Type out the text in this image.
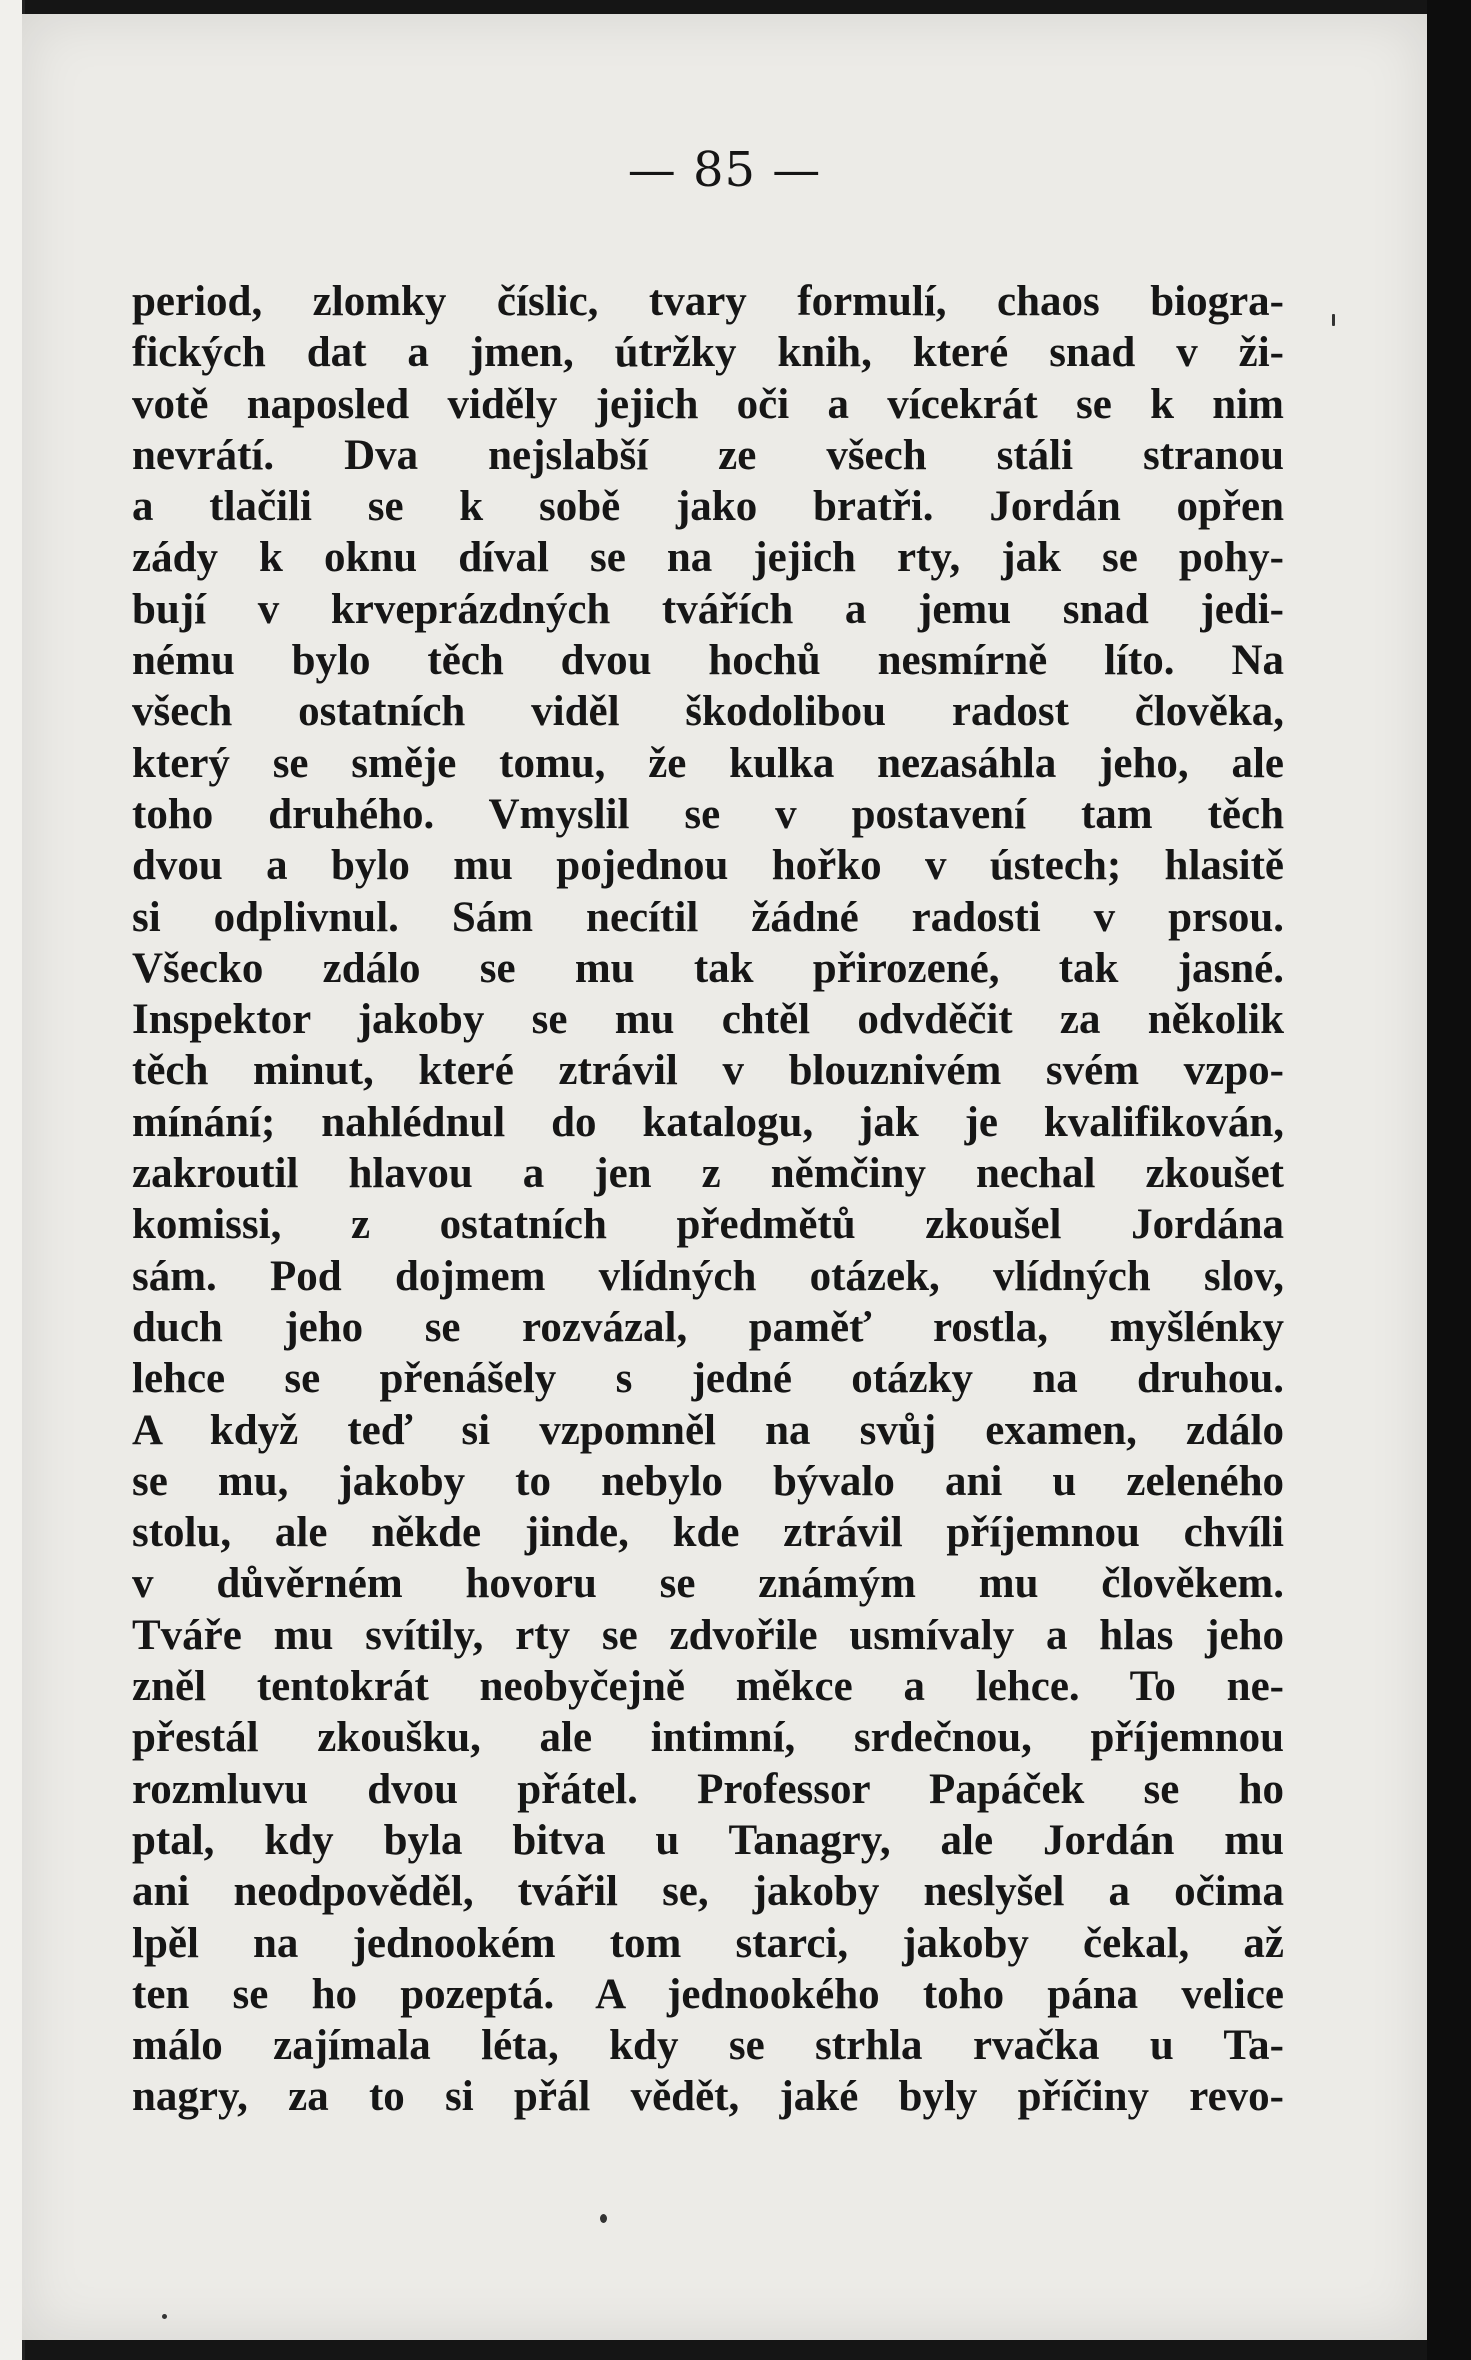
— 85 —
period, zlomky číslic, tvary formulí, chaos biogra-
fických dat a jmen, útržky knih, které snad v ži-
votě naposled viděly jejich oči a vícekrát se k nim
nevrátí. Dva nejslabší ze všech stáli stranou
a tlačili se k sobě jako bratři. Jordán opřen
zády k oknu díval se na jejich rty, jak se pohy-
bují v krveprázdných tvářích a jemu snad jedi-
nému bylo těch dvou hochů nesmírně líto. Na
všech ostatních viděl škodolibou radost člověka,
který se směje tomu, že kulka nezasáhla jeho, ale
toho druhého. Vmyslil se v postavení tam těch
dvou a bylo mu pojednou hořko v ústech; hlasitě
si odplivnul. Sám necítil žádné radosti v prsou.
Všecko zdálo se mu tak přirozené, tak jasné.
Inspektor jakoby se mu chtěl odvděčit za několik
těch minut, které ztrávil v blouznivém svém vzpo-
mínání; nahlédnul do katalogu, jak je kvalifikován,
zakroutil hlavou a jen z němčiny nechal zkoušet
komissi, z ostatních předmětů zkoušel Jordána
sám. Pod dojmem vlídných otázek, vlídných slov,
duch jeho se rozvázal, paměť rostla, myšlénky
lehce se přenášely s jedné otázky na druhou.
A když teď si vzpomněl na svůj examen, zdálo
se mu, jakoby to nebylo bývalo ani u zeleného
stolu, ale někde jinde, kde ztrávil příjemnou chvíli
v důvěrném hovoru se známým mu člověkem.
Tváře mu svítily, rty se zdvořile usmívaly a hlas jeho
zněl tentokrát neobyčejně měkce a lehce. To ne-
přestál zkoušku, ale intimní, srdečnou, příjemnou
rozmluvu dvou přátel. Professor Papáček se ho
ptal, kdy byla bitva u Tanagry, ale Jordán mu
ani neodpověděl, tvářil se, jakoby neslyšel a očima
lpěl na jednookém tom starci, jakoby čekal, až
ten se ho pozeptá. A jednookého toho pána velice
málo zajímala léta, kdy se strhla rvačka u Ta-
nagry, za to si přál vědět, jaké byly příčiny revo-
